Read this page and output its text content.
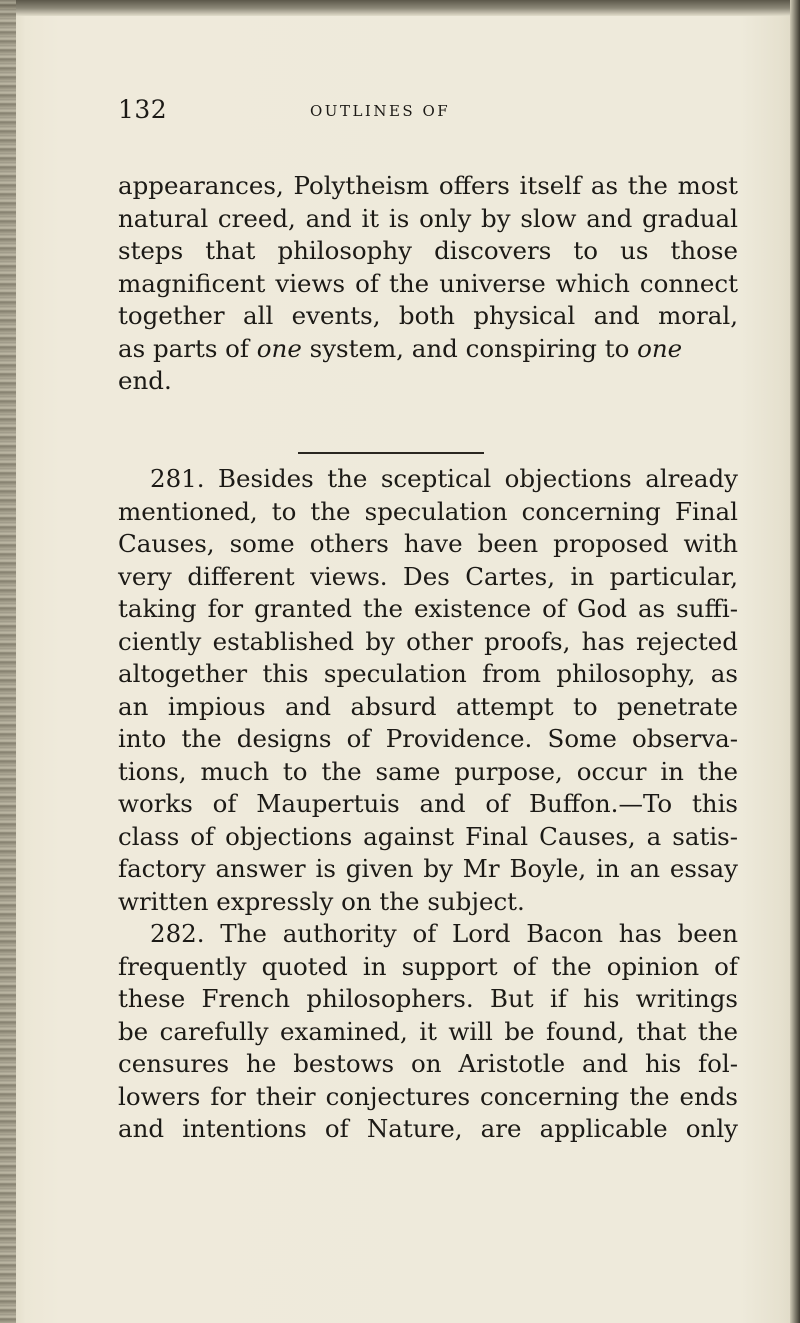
132	OUTLINES OF
appearances, Polytheism offers itself as the most
natural creed, and it is only by slow and gradual
steps that philosophy discovers to us those
magnificent views of the universe which connect
together all events, both physical and moral,
as parts of one system, and conspiring to one
end.
281. Besides the sceptical objections already
mentioned, to the speculation concerning Final
Causes, some others have been proposed with
very different views. Des Cartes, in particular,
taking for granted the existence of God as suffi-
ciently established by other proofs, has rejected
altogether this speculation from philosophy, as
an impious and absurd attempt to penetrate
into the designs of Providence. Some observa-
tions, much to the same purpose, occur in the
works of Maupertuis and of Buffon.—To this
class of objections against Final Causes, a satis-
factory answer is given by Mr Boyle, in an essay
written expressly on the subject.
282. The authority of Lord Bacon has been
frequently quoted in support of the opinion of
these French philosophers. But if his writings
be carefully examined, it will be found, that the
censures he bestows on Aristotle and his fol-
lowers for their conjectures concerning the ends
and intentions of Nature, are applicable only
